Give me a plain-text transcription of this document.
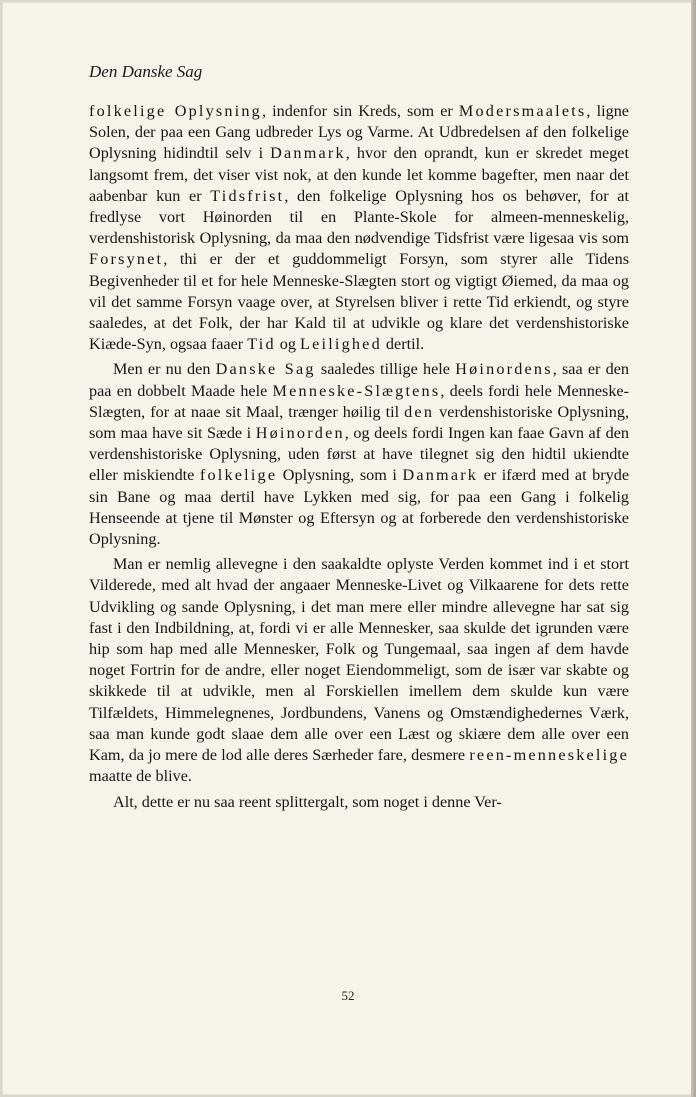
Den Danske Sag

folkelige Oplysning, indenfor sin Kreds, som er Modersmaalets, ligne Solen, der paa een Gang udbreder Lys og Varme. At Udbredelsen af den folkelige Oplysning hidindtil selv i Danmark, hvor den oprandt, kun er skredet meget langsomt frem, det viser vist nok, at den kunde let komme bagefter, men naar det aabenbar kun er Tidsfrist, den folkelige Oplysning hos os behøver, for at fredlyse vort Høinorden til en Plante-Skole for almeen-menneskelig, verdenshistorisk Oplysning, da maa den nødvendige Tidsfrist være ligesaa vis som Forsynet, thi er der et guddommeligt Forsyn, som styrer alle Tidens Begivenheder til et for hele Menneske-Slægten stort og vigtigt Øiemed, da maa og vil det samme Forsyn vaage over, at Styrelsen bliver i rette Tid erkiendt, og styre saaledes, at det Folk, der har Kald til at udvikle og klare det verdenshistoriske Kiæde-Syn, ogsaa faaer Tid og Leilighed dertil.

Men er nu den Danske Sag saaledes tillige hele Høinordens, saa er den paa en dobbelt Maade hele Menneske-Slægtens, deels fordi hele Menneske-Slægten, for at naae sit Maal, trænger høilig til den verdenshistoriske Oplysning, som maa have sit Sæde i Høinorden, og deels fordi Ingen kan faae Gavn af den verdenshistoriske Oplysning, uden først at have tilegnet sig den hidtil ukiendte eller miskiendte folkelige Oplysning, som i Danmark er ifærd med at bryde sin Bane og maa dertil have Lykken med sig, for paa een Gang i folkelig Henseende at tjene til Mønster og Eftersyn og at forberede den verdenshistoriske Oplysning.

Man er nemlig allevegne i den saakaldte oplyste Verden kommet ind i et stort Vilderede, med alt hvad der angaaer Menneske-Livet og Vilkaarene for dets rette Udvikling og sande Oplysning, i det man mere eller mindre allevegne har sat sig fast i den Indbildning, at, fordi vi er alle Mennesker, saa skulde det igrunden være hip som hap med alle Mennesker, Folk og Tungemaal, saa ingen af dem havde noget Fortrin for de andre, eller noget Eiendommeligt, som de især var skabte og skikkede til at udvikle, men al Forskiellen imellem dem skulde kun være Tilfældets, Himmelegnenes, Jordbundens, Vanens og Omstændighedernes Værk, saa man kunde godt slaae dem alle over een Læst og skiære dem alle over een Kam, da jo mere de lod alle deres Særheder fare, desmere reen-menneskelige maatte de blive.

Alt, dette er nu saa reent splittergalt, som noget i denne Ver-

52
